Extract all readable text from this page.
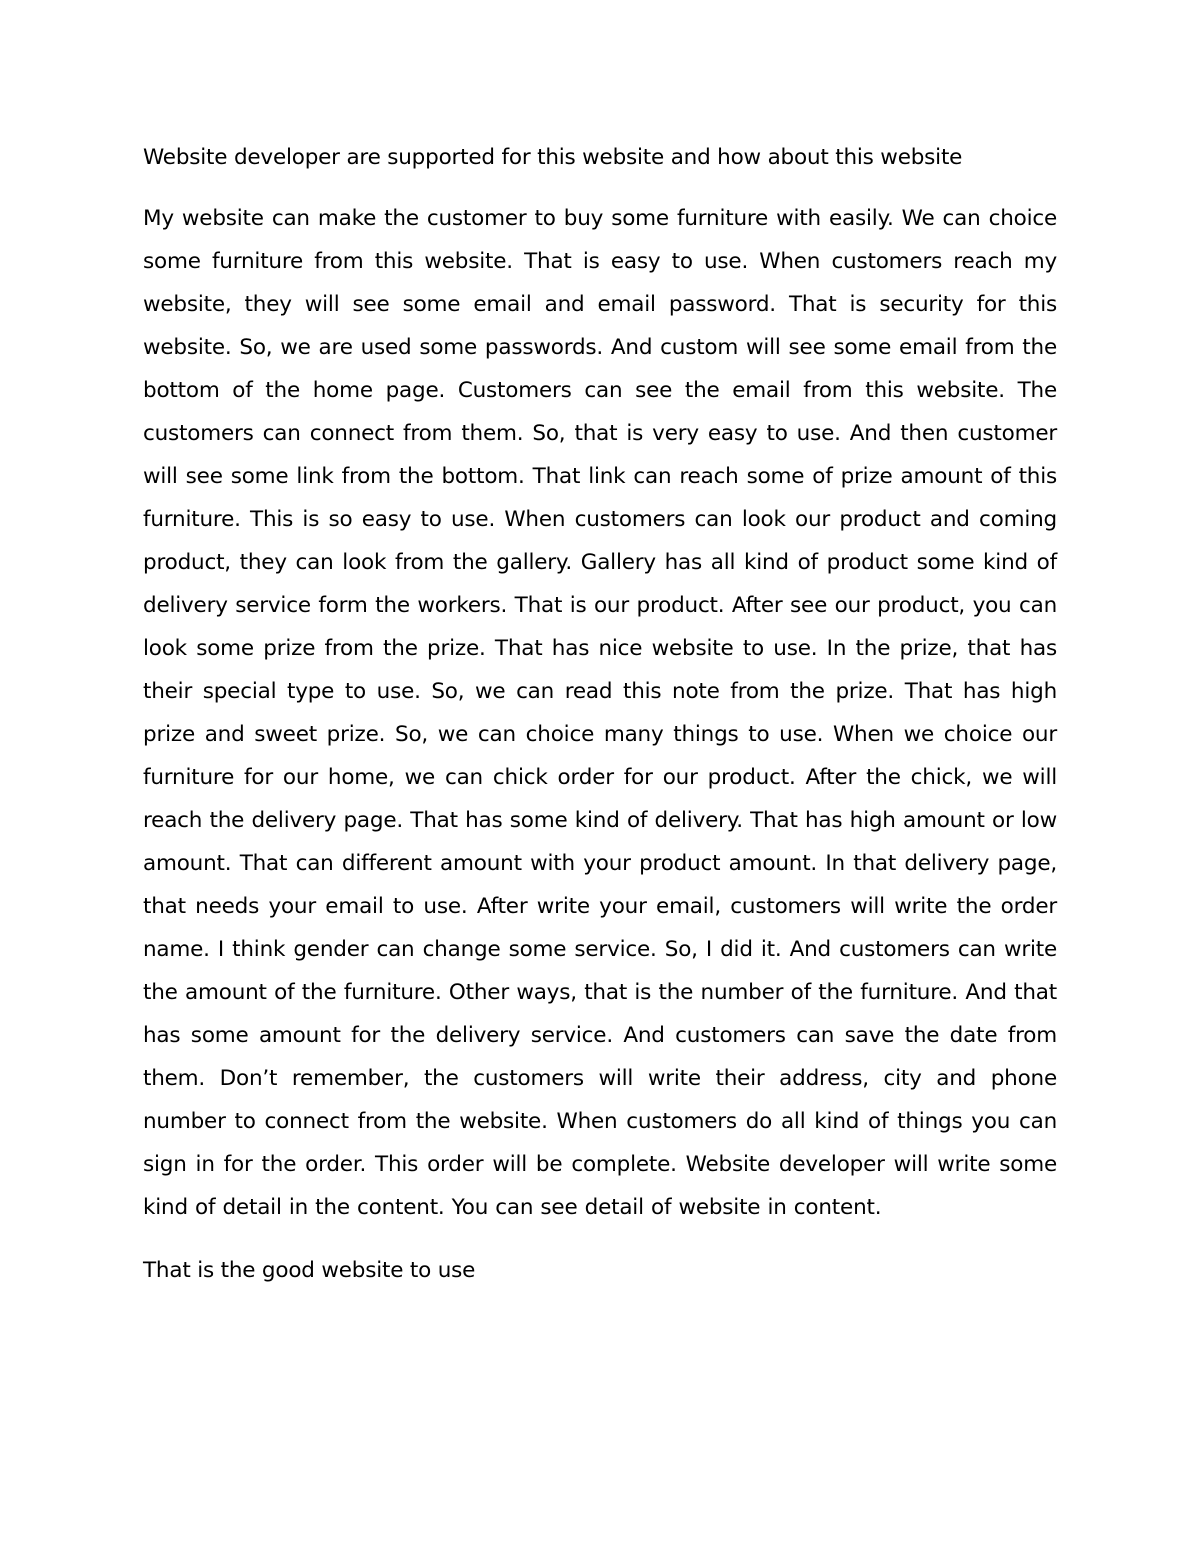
Website developer are supported for this website and how about this website

My website can make the customer to buy some furniture with easily. We can choice some furniture from this website. That is easy to use. When customers reach my website, they will see some email and email password. That is security for this website. So, we are used some passwords. And custom will see some email from the bottom of the home page. Customers can see the email from this website. The customers can connect from them. So, that is very easy to use. And then customer will see some link from the bottom. That link can reach some of prize amount of this furniture. This is so easy to use. When customers can look our product and coming product, they can look from the gallery. Gallery has all kind of product some kind of delivery service form the workers. That is our product. After see our product, you can look some prize from the prize. That has nice website to use. In the prize, that has their special type to use. So, we can read this note from the prize. That has high prize and sweet prize. So, we can choice many things to use. When we choice our furniture for our home, we can chick order for our product. After the chick, we will reach the delivery page. That has some kind of delivery. That has high amount or low amount. That can different amount with your product amount. In that delivery page, that needs your email to use. After write your email, customers will write the order name. I think gender can change some service. So, I did it. And customers can write the amount of the furniture. Other ways, that is the number of the furniture. And that has some amount for the delivery service. And customers can save the date from them. Don’t remember, the customers will write their address, city and phone number to connect from the website. When customers do all kind of things you can sign in for the order. This order will be complete. Website developer will write some kind of detail in the content. You can see detail of website in content.

That is the good website to use
